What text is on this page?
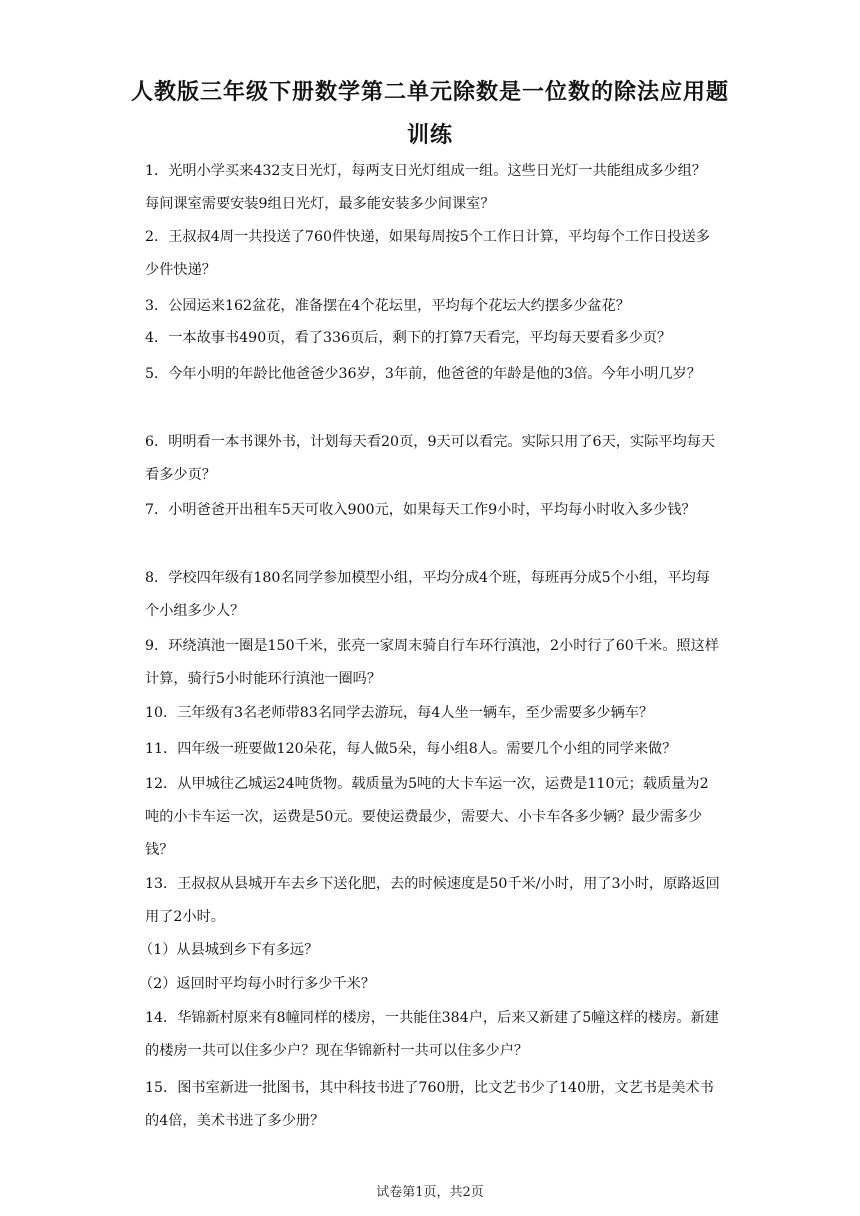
人教版三年级下册数学第二单元除数是一位数的除法应用题
训练

1．光明小学买来432支日光灯，每两支日光灯组成一组。这些日光灯一共能组成多少组？每间课室需要安装9组日光灯，最多能安装多少间课室？

2．王叔叔4周一共投送了760件快递，如果每周按5个工作日计算，平均每个工作日投送多少件快递？

3．公园运来162盆花，准备摆在4个花坛里，平均每个花坛大约摆多少盆花？

4．一本故事书490页，看了336页后，剩下的打算7天看完，平均每天要看多少页？

5．今年小明的年龄比他爸爸少36岁，3年前，他爸爸的年龄是他的3倍。今年小明几岁？

6．明明看一本书课外书，计划每天看20页，9天可以看完。实际只用了6天，实际平均每天看多少页？

7．小明爸爸开出租车5天可收入900元，如果每天工作9小时，平均每小时收入多少钱？

8．学校四年级有180名同学参加模型小组，平均分成4个班，每班再分成5个小组，平均每个小组多少人？

9．环绕滇池一圈是150千米，张亮一家周末骑自行车环行滇池，2小时行了60千米。照这样计算，骑行5小时能环行滇池一圈吗？

10．三年级有3名老师带83名同学去游玩，每4人坐一辆车，至少需要多少辆车？

11．四年级一班要做120朵花，每人做5朵，每小组8人。需要几个小组的同学来做？

12．从甲城往乙城运24吨货物。载质量为5吨的大卡车运一次，运费是110元；载质量为2吨的小卡车运一次，运费是50元。要使运费最少，需要大、小卡车各多少辆？最少需多少钱？

13．王叔叔从县城开车去乡下送化肥，去的时候速度是50千米/小时，用了3小时，原路返回用了2小时。

（1）从县城到乡下有多远？

（2）返回时平均每小时行多少千米？

14．华锦新村原来有8幢同样的楼房，一共能住384户，后来又新建了5幢这样的楼房。新建的楼房一共可以住多少户？现在华锦新村一共可以住多少户？

15．图书室新进一批图书，其中科技书进了760册，比文艺书少了140册，文艺书是美术书的4倍，美术书进了多少册？

试卷第1页，共2页
